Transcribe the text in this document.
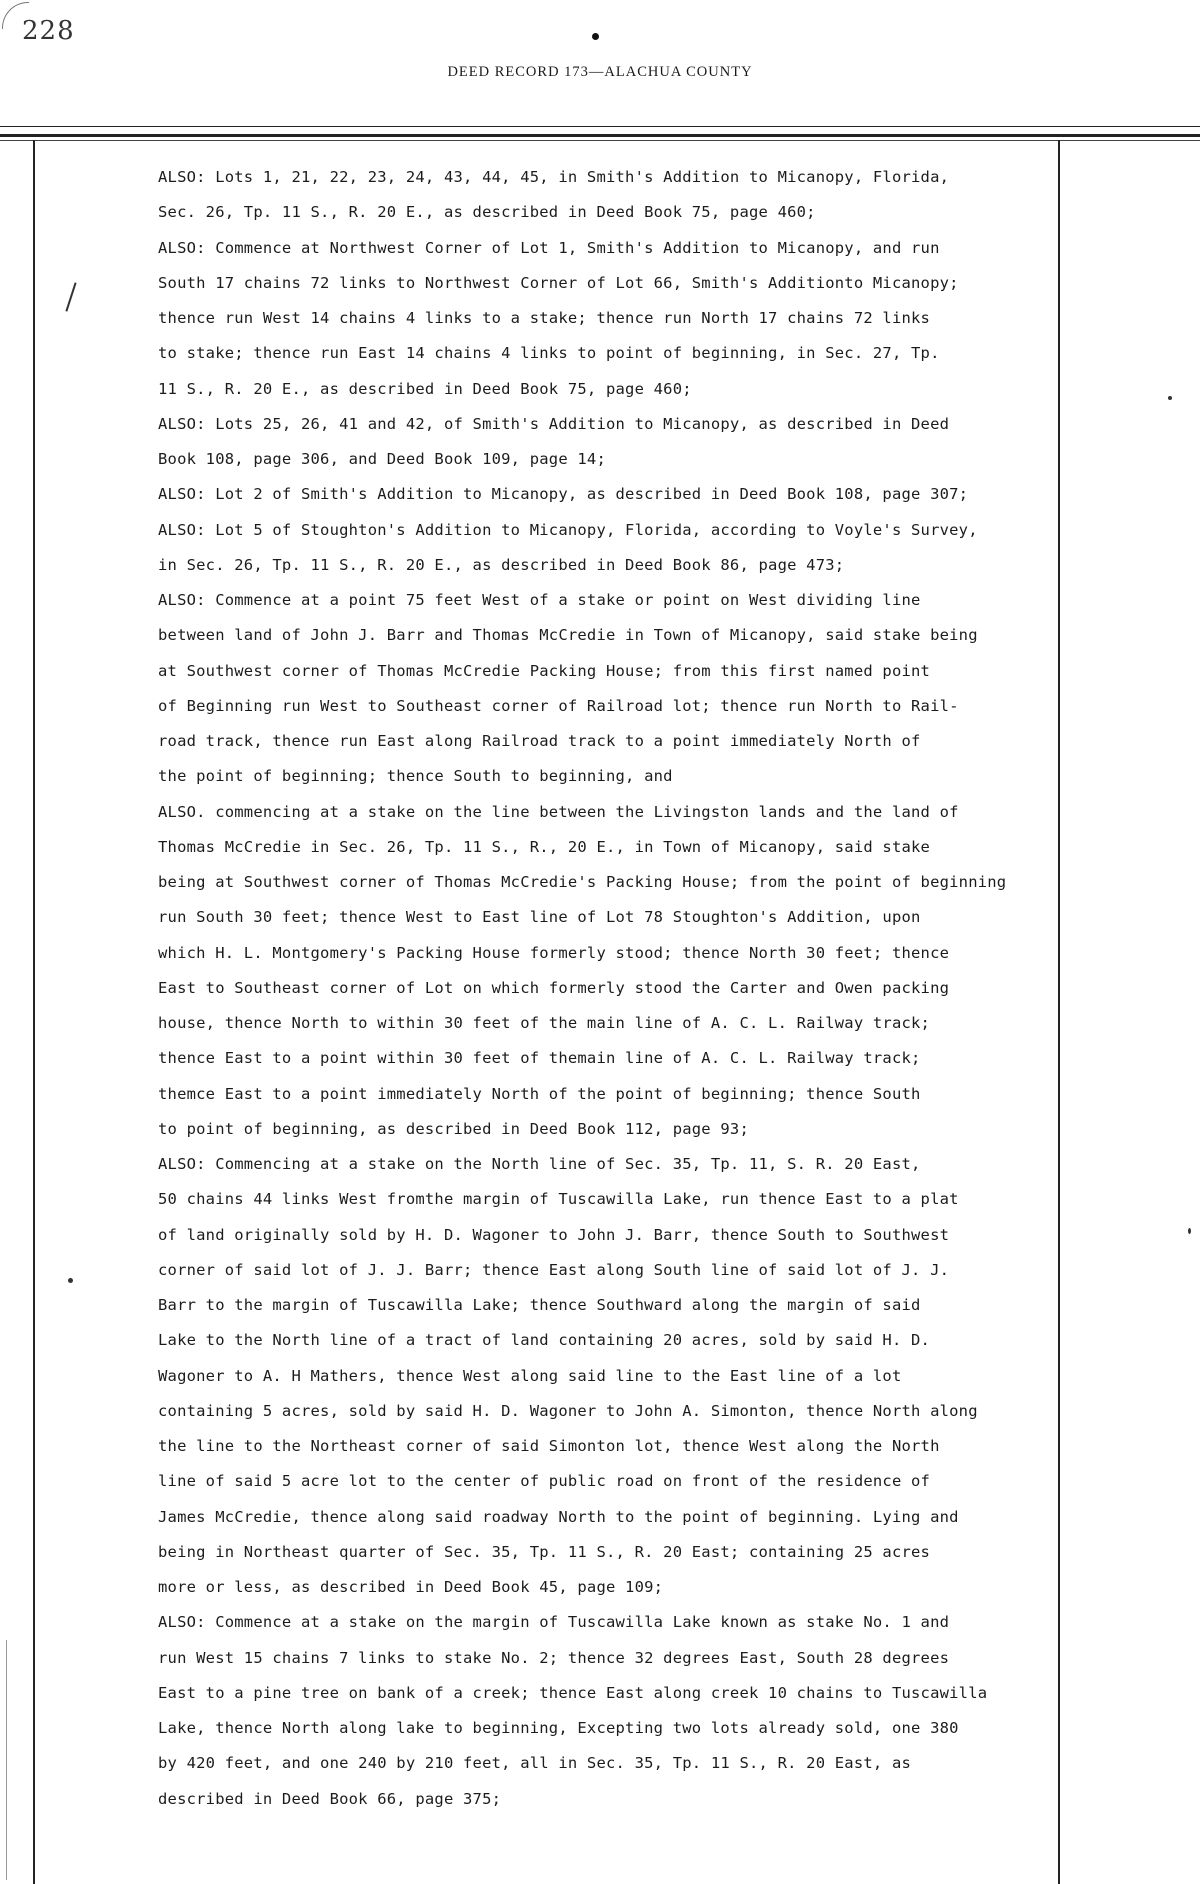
228
DEED RECORD 173—ALACHUA COUNTY
ALSO: Lots 1, 21, 22, 23, 24, 43, 44, 45, in Smith's Addition to Micanopy, Florida,
Sec. 26, Tp. 11 S., R. 20 E., as described in Deed Book 75, page 460;
ALSO: Commence at Northwest Corner of Lot 1, Smith's Addition to Micanopy, and run
South 17 chains 72 links to Northwest Corner of Lot 66, Smith's Additionto Micanopy;
thence run West 14 chains 4 links to a stake; thence run North 17 chains 72 links
to stake; thence run East 14 chains 4 links to point of beginning, in Sec. 27, Tp.
11 S., R. 20 E., as described in Deed Book 75, page 460;
ALSO: Lots 25, 26, 41 and 42, of Smith's Addition to Micanopy, as described in Deed
Book 108, page 306, and Deed Book 109, page 14;
ALSO: Lot 2 of Smith's Addition to Micanopy, as described in Deed Book 108, page 307;
ALSO: Lot 5 of Stoughton's Addition to Micanopy, Florida, according to Voyle's Survey,
in Sec. 26, Tp. 11 S., R. 20 E., as described in Deed Book 86, page 473;
ALSO: Commence at a point 75 feet West of a stake or point on West dividing line
between land of John J. Barr and Thomas McCredie in Town of Micanopy, said stake being
at Southwest corner of Thomas McCredie Packing House; from this first named point
of Beginning run West to Southeast corner of Railroad lot; thence run North to Rail-
road track, thence run East along Railroad track to a point immediately North of
the point of beginning; thence South to beginning, and
ALSO. commencing at a stake on the line between the Livingston lands and the land of
Thomas McCredie in Sec. 26, Tp. 11 S., R., 20 E., in Town of Micanopy, said stake
being at Southwest corner of Thomas McCredie's Packing House; from the point of beginning
run South 30 feet; thence West to East line of Lot 78 Stoughton's Addition, upon
which H. L. Montgomery's Packing House formerly stood; thence North 30 feet; thence
East to Southeast corner of Lot on which formerly stood the Carter and Owen packing
house, thence North to within 30 feet of the main line of A. C. L. Railway track;
thence East to a point within 30 feet of themain line of A. C. L. Railway track;
themce East to a point immediately North of the point of beginning; thence South
to point of beginning, as described in Deed Book 112, page 93;
ALSO: Commencing at a stake on the North line of Sec. 35, Tp. 11, S. R. 20 East,
50 chains 44 links West fromthe margin of Tuscawilla Lake, run thence East to a plat
of land originally sold by H. D. Wagoner to John J. Barr, thence South to Southwest
corner of said lot of J. J. Barr; thence East along South line of said lot of J. J.
Barr to the margin of Tuscawilla Lake; thence Southward along the margin of said
Lake to the North line of a tract of land containing 20 acres, sold by said H. D.
Wagoner to A. H Mathers, thence West along said line to the East line of a lot
containing 5 acres, sold by said H. D. Wagoner to John A. Simonton, thence North along
the line to the Northeast corner of said Simonton lot, thence West along the North
line of said 5 acre lot to the center of public road on front of the residence of
James McCredie, thence along said roadway North to the point of beginning. Lying and
being in Northeast quarter of Sec. 35, Tp. 11 S., R. 20 East; containing 25 acres
more or less, as described in Deed Book 45, page 109;
ALSO: Commence at a stake on the margin of Tuscawilla Lake known as stake No. 1 and
run West 15 chains 7 links to stake No. 2; thence 32 degrees East, South 28 degrees
East to a pine tree on bank of a creek; thence East along creek 10 chains to Tuscawilla
Lake, thence North along lake to beginning, Excepting two lots already sold, one 380
by 420 feet, and one 240 by 210 feet, all in Sec. 35, Tp. 11 S., R. 20 East, as
described in Deed Book 66, page 375;
